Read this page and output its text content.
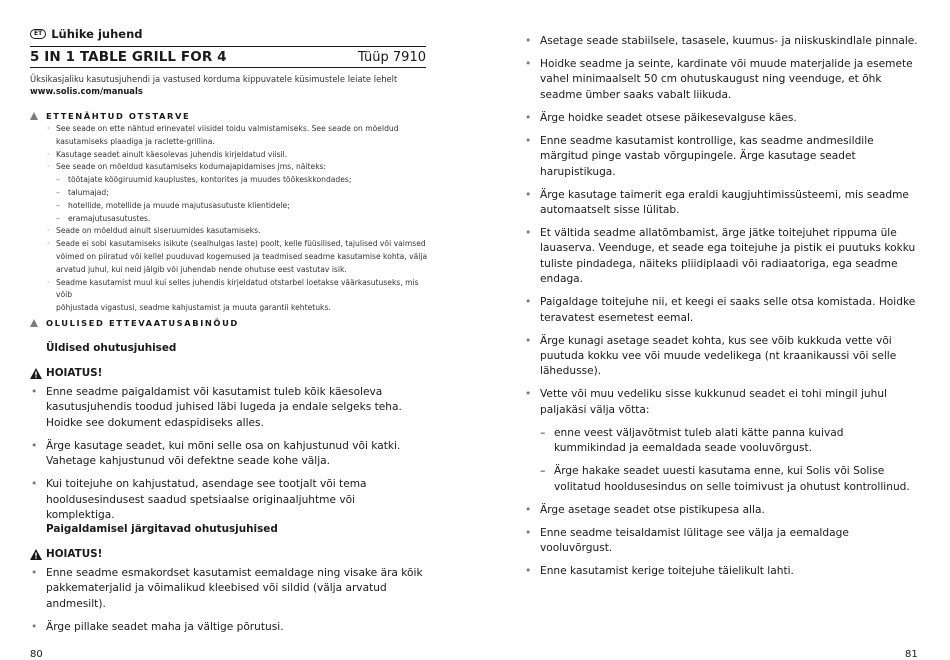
ET Lühike juhend
5 IN 1 TABLE GRILL FOR 4	Tüüp 7910
Üksikasjaliku kasutusjuhendi ja vastused korduma kippuvatele küsimustele leiate lehelt
www.solis.com/manuals
ETTENÄHTUD OTSTARVE
· See seade on ette nähtud erinevatel viisidel toidu valmistamiseks. See seade on mõeldud
kasutamiseks plaadiga ja raclette-grillina.
· Kasutage seadet ainult käesolevas juhendis kirjeldatud viisil.
· See seade on mõeldud kasutamiseks kodumajapidamises jms, näiteks:
– töötajate köögiruumid kauplustes, kontorites ja muudes töökeskkondades;
– talumajad;
– hotellide, motellide ja muude majutusasutuste klientidele;
– eramajutusasutustes.
· Seade on mõeldud ainult siseruumides kasutamiseks.
· Seade ei sobi kasutamiseks isikute (sealhulgas laste) poolt, kelle füüsilised, tajulised või vaimsed
võimed on piiratud või kellel puuduvad kogemused ja teadmised seadme kasutamise kohta, välja
arvatud juhul, kui neid jälgib või juhendab nende ohutuse eest vastutav isik.
· Seadme kasutamist muul kui selles juhendis kirjeldatud otstarbel loetakse väärkasutuseks, mis võib
põhjustada vigastusi, seadme kahjustamist ja muuta garantii kehtetuks.
OLULISED ETTEVAATUSABINÕUD
Üldised ohutusjuhised
HOIATUS!
• Enne seadme paigaldamist või kasutamist tuleb kõik käesoleva kasutusjuhendis toodud juhised läbi lugeda ja endale selgeks teha. Hoidke see dokument edaspidiseks alles.
• Ärge kasutage seadet, kui mõni selle osa on kahjustunud või katki. Vahetage kahjustunud või defektne seade kohe välja.
• Kui toitejuhe on kahjustatud, asendage see tootjalt või tema hooldusesindusest saadud spetsiaalse originaaljuhtme või komplektiga.
Paigaldamisel järgitavad ohutusjuhised
HOIATUS!
• Enne seadme esmakordset kasutamist eemaldage ning visake ära kõik pakkematerjalid ja võimalikud kleebised või sildid (välja arvatud andmesilt).
• Ärge pillake seadet maha ja vältige põrutusi.
80
• Asetage seade stabiilsele, tasasele, kuumus- ja niiskuskindlale pinnale.
• Hoidke seadme ja seinte, kardinate või muude materjalide ja esemete vahel minimaalselt 50 cm ohutuskaugust ning veenduge, et õhk seadme ümber saaks vabalt liikuda.
• Ärge hoidke seadet otsese päikesevalguse käes.
• Enne seadme kasutamist kontrollige, kas seadme andmesildile märgitud pinge vastab võrgupingele. Ärge kasutage seadet harupistikuga.
• Ärge kasutage taimerit ega eraldi kaugjuhtimissüsteemi, mis seadme automaatselt sisse lülitab.
• Et vältida seadme allatõmbamist, ärge jätke toitejuhet rippuma üle lauaserva. Veenduge, et seade ega toitejuhe ja pistik ei puutuks kokku tuliste pindadega, näiteks pliidiplaadi või radiaatoriga, ega seadme endaga.
• Paigaldage toitejuhe nii, et keegi ei saaks selle otsa komistada. Hoidke teravatest esemetest eemal.
• Ärge kunagi asetage seadet kohta, kus see võib kukkuda vette või puutuda kokku vee või muude vedelikega (nt kraanikaussi või selle lähedusse).
• Vette või muu vedeliku sisse kukkunud seadet ei tohi mingil juhul paljakäsi välja võtta:
– enne veest väljavõtmist tuleb alati kätte panna kuivad kummikindad ja eemaldada seade vooluvõrgust.
– Ärge hakake seadet uuesti kasutama enne, kui Solis või Solise volitatud hooldusesindus on selle toimivust ja ohutust kontrollinud.
• Ärge asetage seadet otse pistikupesa alla.
• Enne seadme teisaldamist lülitage see välja ja eemaldage vooluvõrgust.
• Enne kasutamist kerige toitejuhe täielikult lahti.
81
